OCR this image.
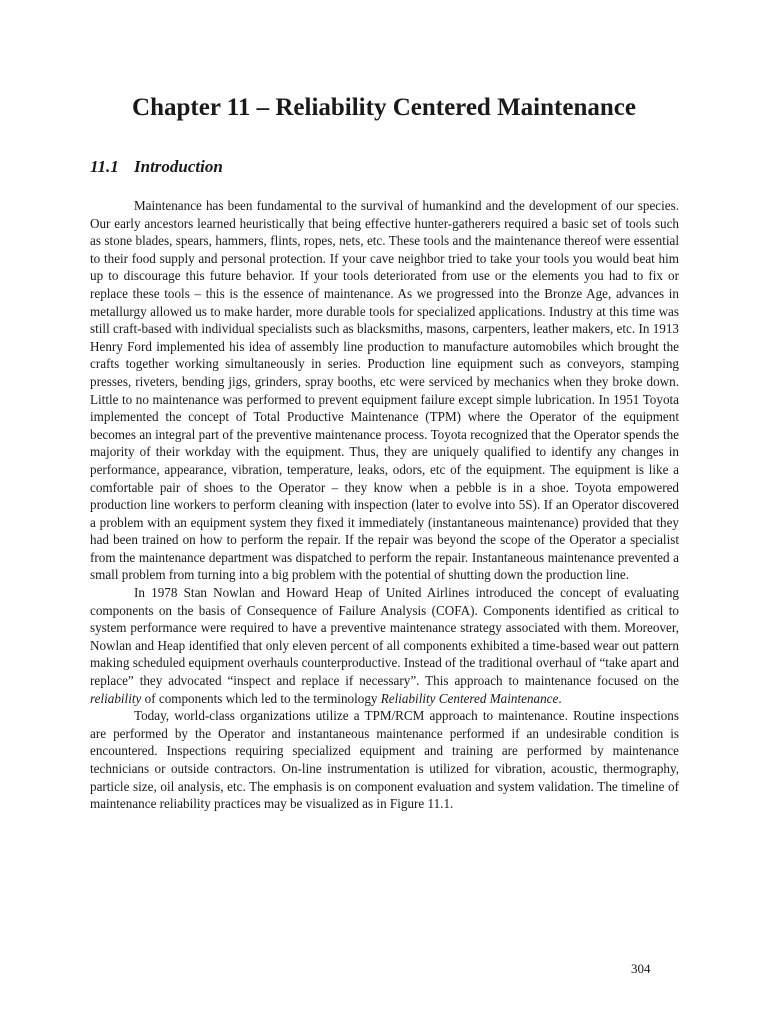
Chapter 11 – Reliability Centered Maintenance
11.1 Introduction

Maintenance has been fundamental to the survival of humankind and the development of our species. Our early ancestors learned heuristically that being effective hunter-gatherers required a basic set of tools such as stone blades, spears, hammers, flints, ropes, nets, etc. These tools and the maintenance thereof were essential to their food supply and personal protection. If your cave neighbor tried to take your tools you would beat him up to discourage this future behavior. If your tools deteriorated from use or the elements you had to fix or replace these tools – this is the essence of maintenance. As we progressed into the Bronze Age, advances in metallurgy allowed us to make harder, more durable tools for specialized applications. Industry at this time was still craft-based with individual specialists such as blacksmiths, masons, carpenters, leather makers, etc. In 1913 Henry Ford implemented his idea of assembly line production to manufacture automobiles which brought the crafts together working simultaneously in series. Production line equipment such as conveyors, stamping presses, riveters, bending jigs, grinders, spray booths, etc were serviced by mechanics when they broke down. Little to no maintenance was performed to prevent equipment failure except simple lubrication. In 1951 Toyota implemented the concept of Total Productive Maintenance (TPM) where the Operator of the equipment becomes an integral part of the preventive maintenance process. Toyota recognized that the Operator spends the majority of their workday with the equipment. Thus, they are uniquely qualified to identify any changes in performance, appearance, vibration, temperature, leaks, odors, etc of the equipment. The equipment is like a comfortable pair of shoes to the Operator – they know when a pebble is in a shoe. Toyota empowered production line workers to perform cleaning with inspection (later to evolve into 5S). If an Operator discovered a problem with an equipment system they fixed it immediately (instantaneous maintenance) provided that they had been trained on how to perform the repair. If the repair was beyond the scope of the Operator a specialist from the maintenance department was dispatched to perform the repair. Instantaneous maintenance prevented a small problem from turning into a big problem with the potential of shutting down the production line.

In 1978 Stan Nowlan and Howard Heap of United Airlines introduced the concept of evaluating components on the basis of Consequence of Failure Analysis (COFA). Components identified as critical to system performance were required to have a preventive maintenance strategy associated with them. Moreover, Nowlan and Heap identified that only eleven percent of all components exhibited a time-based wear out pattern making scheduled equipment overhauls counterproductive. Instead of the traditional overhaul of “take apart and replace” they advocated “inspect and replace if necessary”. This approach to maintenance focused on the reliability of components which led to the terminology Reliability Centered Maintenance.

Today, world-class organizations utilize a TPM/RCM approach to maintenance. Routine inspections are performed by the Operator and instantaneous maintenance performed if an undesirable condition is encountered. Inspections requiring specialized equipment and training are performed by maintenance technicians or outside contractors. On-line instrumentation is utilized for vibration, acoustic, thermography, particle size, oil analysis, etc. The emphasis is on component evaluation and system validation. The timeline of maintenance reliability practices may be visualized as in Figure 11.1.

304
